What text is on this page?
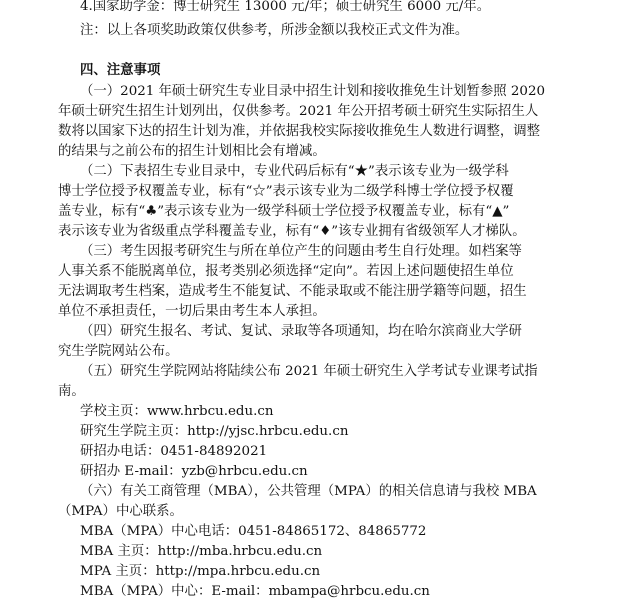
4.国家助学金：博士研究生 13000 元/年；硕士研究生 6000 元/年。
注：以上各项奖助政策仅供参考，所涉金额以我校正式文件为准。
四、注意事项
（一）2021 年硕士研究生专业目录中招生计划和接收推免生计划暂参照 2020
年硕士研究生招生计划列出，仅供参考。2021 年公开招考硕士研究生实际招生人
数将以国家下达的招生计划为准，并依据我校实际接收推免生人数进行调整，调整
的结果与之前公布的招生计划相比会有增减。
（二）下表招生专业目录中，专业代码后标有“★”表示该专业为一级学科
博士学位授予权覆盖专业，标有“☆”表示该专业为二级学科博士学位授予权覆
盖专业，标有“♣”表示该专业为一级学科硕士学位授予权覆盖专业，标有“▲”
表示该专业为省级重点学科覆盖专业，标有“♦”该专业拥有省级领军人才梯队。
（三）考生因报考研究生与所在单位产生的问题由考生自行处理。如档案等
人事关系不能脱离单位，报考类别必须选择“定向”。若因上述问题使招生单位
无法调取考生档案，造成考生不能复试、不能录取或不能注册学籍等问题，招生
单位不承担责任，一切后果由考生本人承担。
（四）研究生报名、考试、复试、录取等各项通知，均在哈尔滨商业大学研
究生学院网站公布。
（五）研究生学院网站将陆续公布 2021 年硕士研究生入学考试专业课考试指
南。
学校主页：www.hrbcu.edu.cn
研究生学院主页：http://yjsc.hrbcu.edu.cn
研招办电话：0451-84892021
研招办 E-mail：yzb@hrbcu.edu.cn
（六）有关工商管理（MBA），公共管理（MPA）的相关信息请与我校 MBA
（MPA）中心联系。
MBA（MPA）中心电话：0451-84865172、84865772
MBA 主页：http://mba.hrbcu.edu.cn
MPA 主页：http://mpa.hrbcu.edu.cn
MBA（MPA）中心：E-mail：mbampa@hrbcu.edu.cn
